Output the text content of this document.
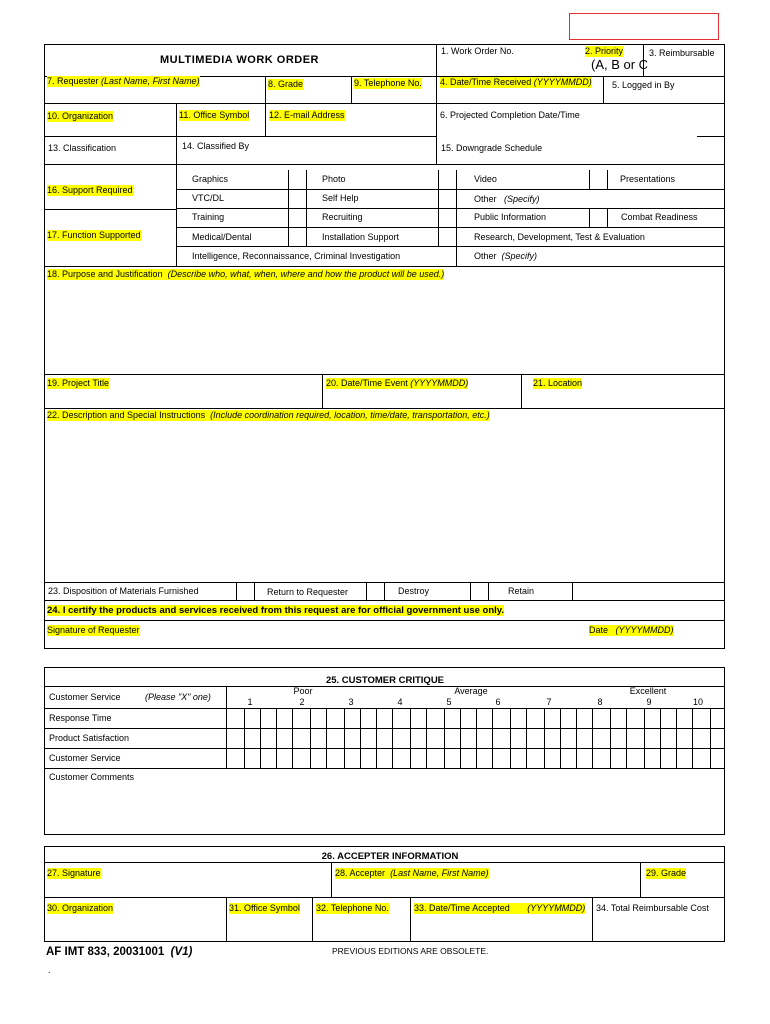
MULTIMEDIA WORK ORDER
1. Work Order No.	2. Priority
(A, B or C
3. Reimbursable
7. Requester (Last Name, First Name)	8. Grade	9. Telephone No. 4. Date/Time Received (YYYYMMDD) 5. Logged in By
10. Organization	11. Office Symbol 12. E-mail Address	6. Projected Completion Date/Time
13. Classification	14. Classified By	15. Downgrade Schedule
16. Support Required
17. Function Supported
Graphics	Photo	Video	Presentations
VTC/DL	Self Help	Other (Specify)
Training	Recruiting	Public Information	Combat Readiness
Medical/Dental	Installation Support	Research, Development, Test & Evaluation
Intelligence, Reconnaissance, Criminal Investigation	Other (Specify)
18. Purpose and Justification (Describe who, what, when, where and how the product will be used.)
19. Project Title	20. Date/Time Event (YYYYMMDD)	21. Location
22. Description and Special Instructions (Include coordination required, location, time/date, transportation, etc.)
23. Disposition of Materials Furnished	Return to Requester	Destroy	Retain
24. I certify the products and services received from this request are for official government use only.
Signature of Requester	Date (YYYYMMDD)
25. CUSTOMER CRITIQUE
Poor	Average	Excellent
Customer Service	(Please "X" one)	1	2	3	4	5	6	7	8	9	10
Response Time
Product Satisfaction
Customer Service
Customer Comments
26. ACCEPTER INFORMATION
27. Signature	28. Accepter (Last Name, First Name)	29. Grade
30. Organization	31. Office Symbol 32. Telephone No.	33. Date/Time Accepted (YYYYMMDD) 34. Total Reimbursable Cost
AF IMT 833, 20031001 (V1)	PREVIOUS EDITIONS ARE OBSOLETE.
.
